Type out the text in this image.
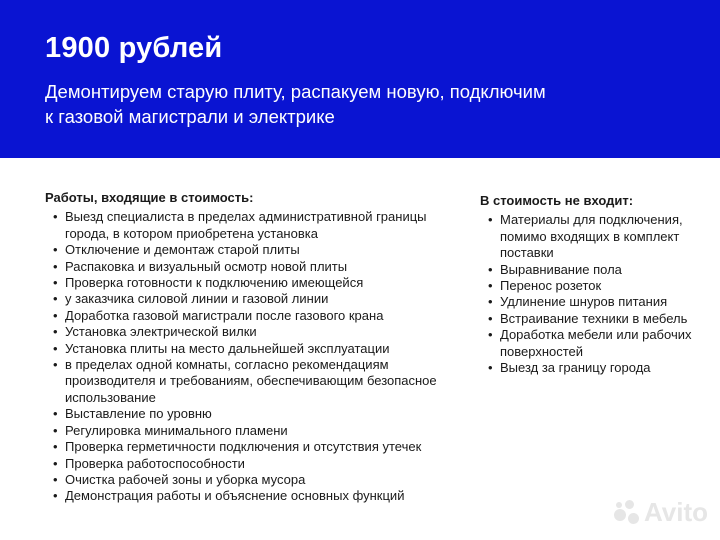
1900 рублей
Демонтируем старую плиту, распакуем новую, подключим
к газовой магистрали и электрике
Работы, входящие в стоимость:
• Выезд специалиста в пределах административной границы города, в котором приобретена установка
• Отключение и демонтаж старой плиты
• Распаковка и визуальный осмотр новой плиты
• Проверка готовности к подключению имеющейся
• у заказчика силовой линии и газовой линии
• Доработка газовой магистрали после газового крана
• Установка электрической вилки
• Установка плиты на место дальнейшей эксплуатации
• в пределах одной комнаты, согласно рекомендациям производителя и требованиям, обеспечивающим безопасное использование
• Выставление по уровню
• Регулировка минимального пламени
• Проверка герметичности подключения и отсутствия утечек
• Проверка работоспособности
• Очистка рабочей зоны и уборка мусора
• Демонстрация работы и объяснение основных функций
В стоимость не входит:
• Материалы для подключения, помимо входящих в комплект поставки
• Выравнивание пола
• Перенос розеток
• Удлинение шнуров питания
• Встраивание техники в мебель
• Доработка мебели или рабочих поверхностей
• Выезд за границу города
Avito
